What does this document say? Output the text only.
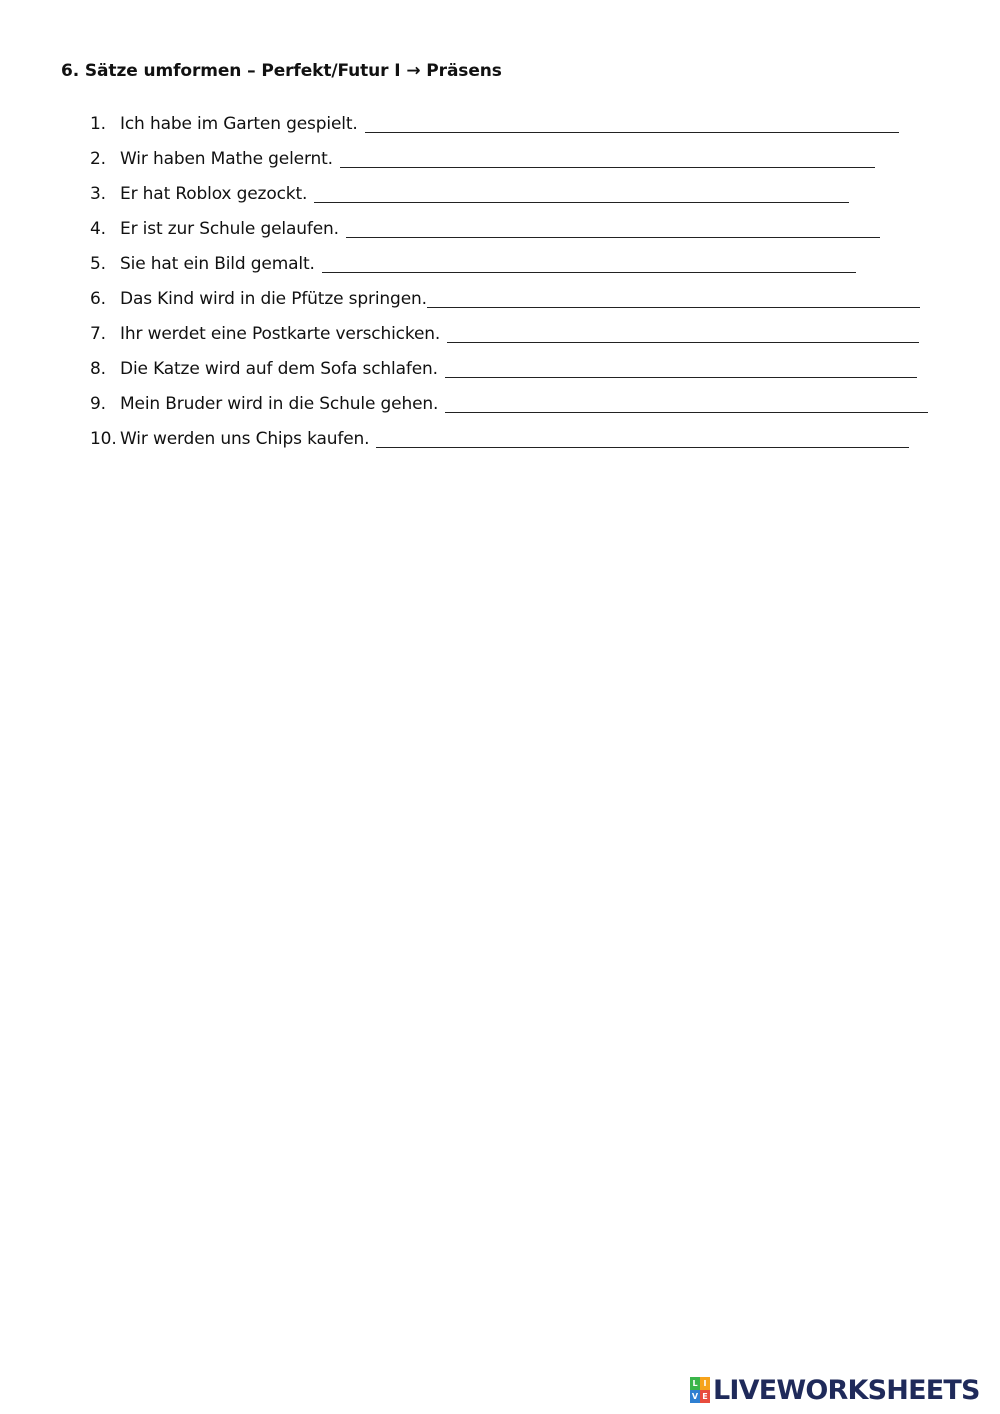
6. Sätze umformen – Perfekt/Futur I → Präsens
1. Ich habe im Garten gespielt.
2. Wir haben Mathe gelernt.
3. Er hat Roblox gezockt.
4. Er ist zur Schule gelaufen.
5. Sie hat ein Bild gemalt.
6. Das Kind wird in die Pfütze springen.
7. Ihr werdet eine Postkarte verschicken.
8. Die Katze wird auf dem Sofa schlafen.
9. Mein Bruder wird in die Schule gehen.
10. Wir werden uns Chips kaufen.
L I
V E LIVEWORKSHEETS
